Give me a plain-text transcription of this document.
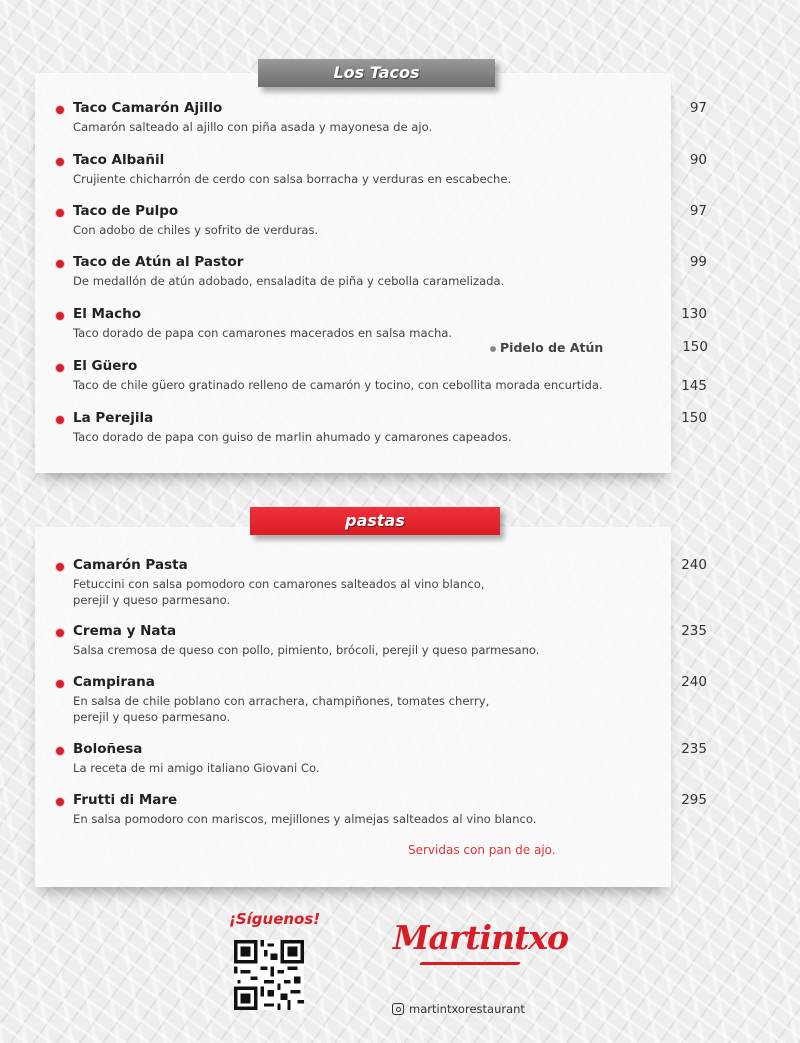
Los Tacos
Taco Camarón Ajillo
Camarón salteado al ajillo con piña asada y mayonesa de ajo.
97
Taco Albañil
Crujiente chicharrón de cerdo con salsa borracha y verduras en escabeche.
90
Taco de Pulpo
Con adobo de chiles y sofrito de verduras.
97
Taco de Atún al Pastor
De medallón de atún adobado, ensaladita de piña y cebolla caramelizada.
99
El Macho
Taco dorado de papa con camarones macerados en salsa macha.
130
Pidelo de Atún	150
El Güero
Taco de chile güero gratinado relleno de camarón y tocino, con cebollita morada encurtida.	145
La Perejila
Taco dorado de papa con guiso de marlin ahumado y camarones capeados.
150
pastas
Camarón Pasta
Fetuccini con salsa pomodoro con camarones salteados al vino blanco,
perejil y queso parmesano.
240
Crema y Nata
Salsa cremosa de queso con pollo, pimiento, brócoli, perejil y queso parmesano.
235
Campirana
En salsa de chile poblano con arrachera, champiñones, tomates cherry,
perejil y queso parmesano.
240
Boloñesa
La receta de mi amigo italiano Giovani Co.
235
Frutti di Mare
En salsa pomodoro con mariscos, mejillones y almejas salteados al vino blanco.
295
Servidas con pan de ajo.
¡Síguenos! Martintxo
martintxorestaurant
